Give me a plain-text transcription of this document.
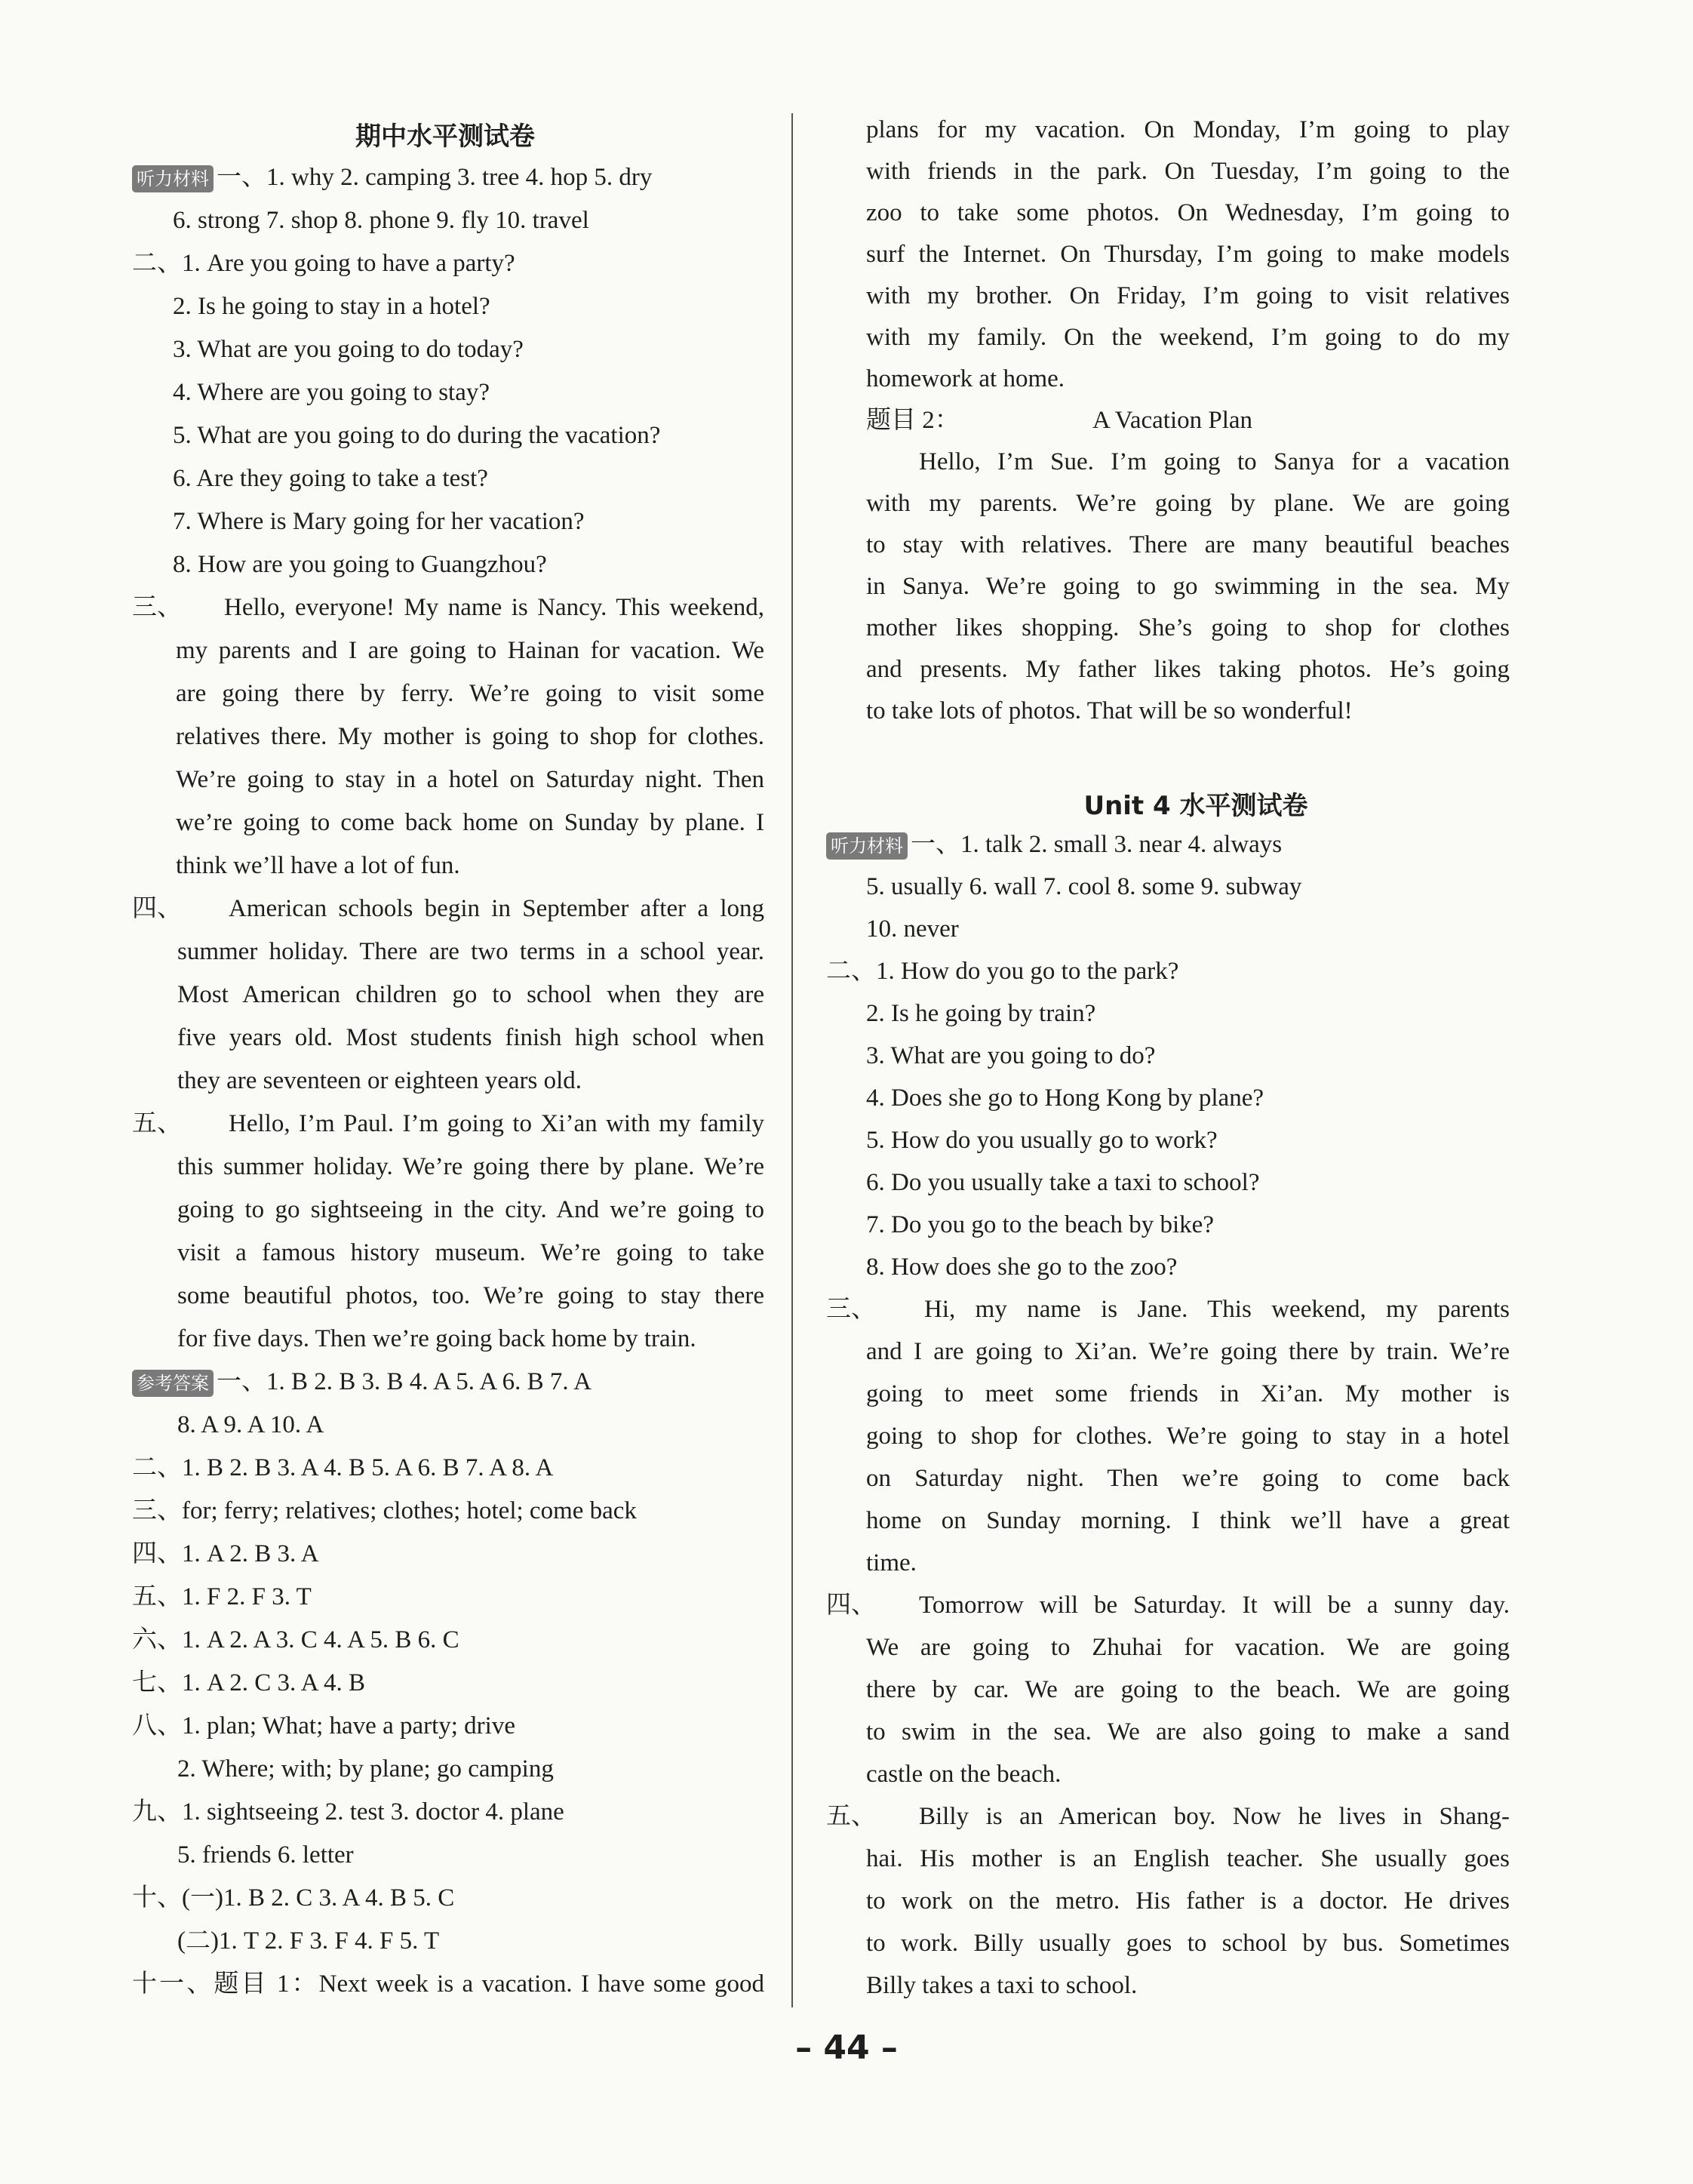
期中水平测试卷
听力材料 一、1. why 2. camping 3. tree 4. hop 5. dry
6. strong 7. shop 8. phone 9. fly 10. travel
二、1. Are you going to have a party?
2. Is he going to stay in a hotel?
3. What are you going to do today?
4. Where are you going to stay?
5. What are you going to do during the vacation?
6. Are they going to take a test?
7. Where is Mary going for her vacation?
8. How are you going to Guangzhou?
三、 Hello, everyone! My name is Nancy. This weekend,
my parents and I are going to Hainan for vacation. We
are going there by ferry. We’re going to visit some
relatives there. My mother is going to shop for clothes.
We’re going to stay in a hotel on Saturday night. Then
we’re going to come back home on Sunday by plane. I
think we’ll have a lot of fun.
四、 American schools begin in September after a long
summer holiday. There are two terms in a school year.
Most American children go to school when they are
five years old. Most students finish high school when
they are seventeen or eighteen years old.
五、 Hello, I’m Paul. I’m going to Xi’an with my family
this summer holiday. We’re going there by plane. We’re
going to go sightseeing in the city. And we’re going to
visit a famous history museum. We’re going to take
some beautiful photos, too. We’re going to stay there
for five days. Then we’re going back home by train.
参考答案 一、1. B 2. B 3. B 4. A 5. A 6. B 7. A
8. A 9. A 10. A
二、1. B 2. B 3. A 4. B 5. A 6. B 7. A 8. A
三、for; ferry; relatives; clothes; hotel; come back
四、1. A 2. B 3. A
五、1. F 2. F 3. T
六、1. A 2. A 3. C 4. A 5. B 6. C
七、1. A 2. C 3. A 4. B
八、1. plan; What; have a party; drive
2. Where; with; by plane; go camping
九、1. sightseeing 2. test 3. doctor 4. plane
5. friends 6. letter
十、(一)1. B 2. C 3. A 4. B 5. C
(二)1. T 2. F 3. F 4. F 5. T
十一、题目 1：Next week is a vacation. I have some good
plans for my vacation. On Monday, I’m going to play
with friends in the park. On Tuesday, I’m going to the
zoo to take some photos. On Wednesday, I’m going to
surf the Internet. On Thursday, I’m going to make models
with my brother. On Friday, I’m going to visit relatives
with my family. On the weekend, I’m going to do my
homework at home.
题目 2：	A Vacation Plan
Hello, I’m Sue. I’m going to Sanya for a vacation
with my parents. We’re going by plane. We are going
to stay with relatives. There are many beautiful beaches
in Sanya. We’re going to go swimming in the sea. My
mother likes shopping. She’s going to shop for clothes
and presents. My father likes taking photos. He’s going
to take lots of photos. That will be so wonderful!
Unit 4 水平测试卷
听力材料 一、1. talk 2. small 3. near 4. always
5. usually 6. wall 7. cool 8. some 9. subway
10. never
二、1. How do you go to the park?
2. Is he going by train?
3. What are you going to do?
4. Does she go to Hong Kong by plane?
5. How do you usually go to work?
6. Do you usually take a taxi to school?
7. Do you go to the beach by bike?
8. How does she go to the zoo?
三、 Hi, my name is Jane. This weekend, my parents
and I are going to Xi’an. We’re going there by train. We’re
going to meet some friends in Xi’an. My mother is
going to shop for clothes. We’re going to stay in a hotel
on Saturday night. Then we’re going to come back
home on Sunday morning. I think we’ll have a great
time.
四、 Tomorrow will be Saturday. It will be a sunny day.
We are going to Zhuhai for vacation. We are going
there by car. We are going to the beach. We are going
to swim in the sea. We are also going to make a sand
castle on the beach.
五、 Billy is an American boy. Now he lives in Shang-
hai. His mother is an English teacher. She usually goes
to work on the metro. His father is a doctor. He drives
to work. Billy usually goes to school by bus. Sometimes
Billy takes a taxi to school.
– 44 –
